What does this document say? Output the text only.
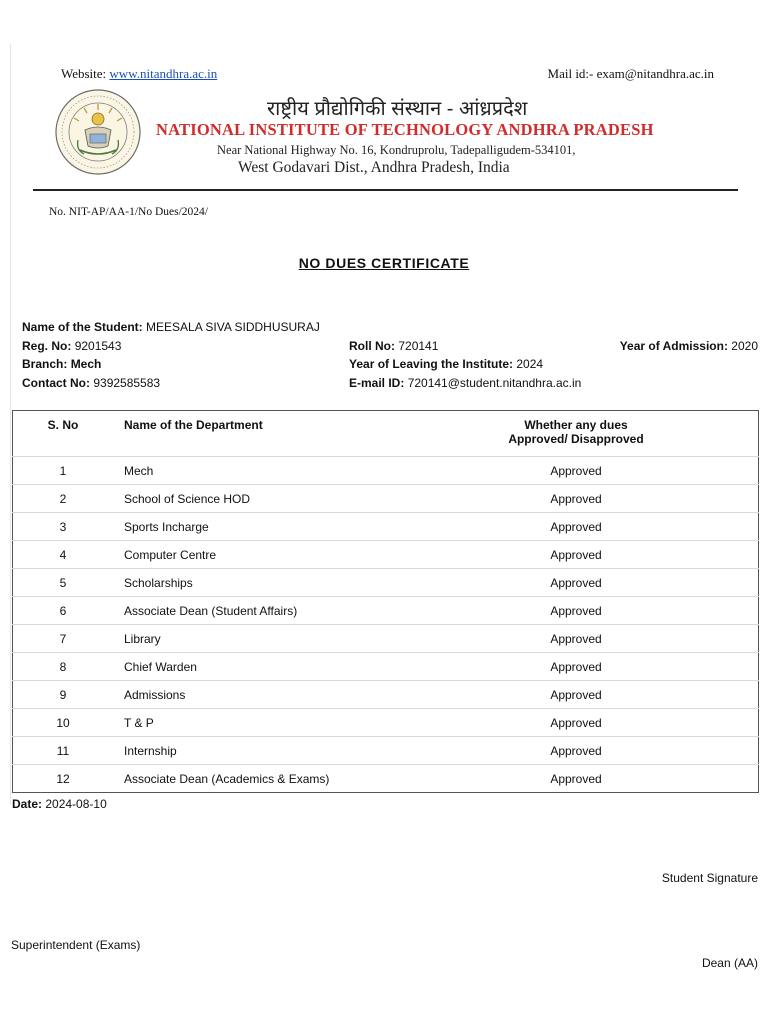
Website: www.nitandhra.ac.in	Mail id:- exam@nitandhra.ac.in
राष्ट्रीय प्रौद्योगिकी संस्थान - आंध्रप्रदेश
NATIONAL INSTITUTE OF TECHNOLOGY ANDHRA PRADESH
Near National Highway No. 16, Kondruprolu, Tadepalligudem-534101,
West Godavari Dist., Andhra Pradesh, India
No. NIT-AP/AA-1/No Dues/2024/
NO DUES CERTIFICATE
Name of the Student: MEESALA SIVA SIDDHUSURAJ
Reg. No: 9201543	Roll No: 720141	Year of Admission: 2020
Branch: Mech	Year of Leaving the Institute: 2024
Contact No: 9392585583	E-mail ID: 720141@student.nitandhra.ac.in
S. No	Name of the Department	Whether any dues
Approved/ Disapproved
1	Mech	Approved
2	School of Science HOD	Approved
3	Sports Incharge	Approved
4	Computer Centre	Approved
5	Scholarships	Approved
6	Associate Dean (Student Affairs)	Approved
7	Library	Approved
8	Chief Warden	Approved
9	Admissions	Approved
10	T & P	Approved
11	Internship	Approved
12	Associate Dean (Academics & Exams)	Approved
Date: 2024-08-10
Student Signature
Superintendent (Exams)
Dean (AA)
